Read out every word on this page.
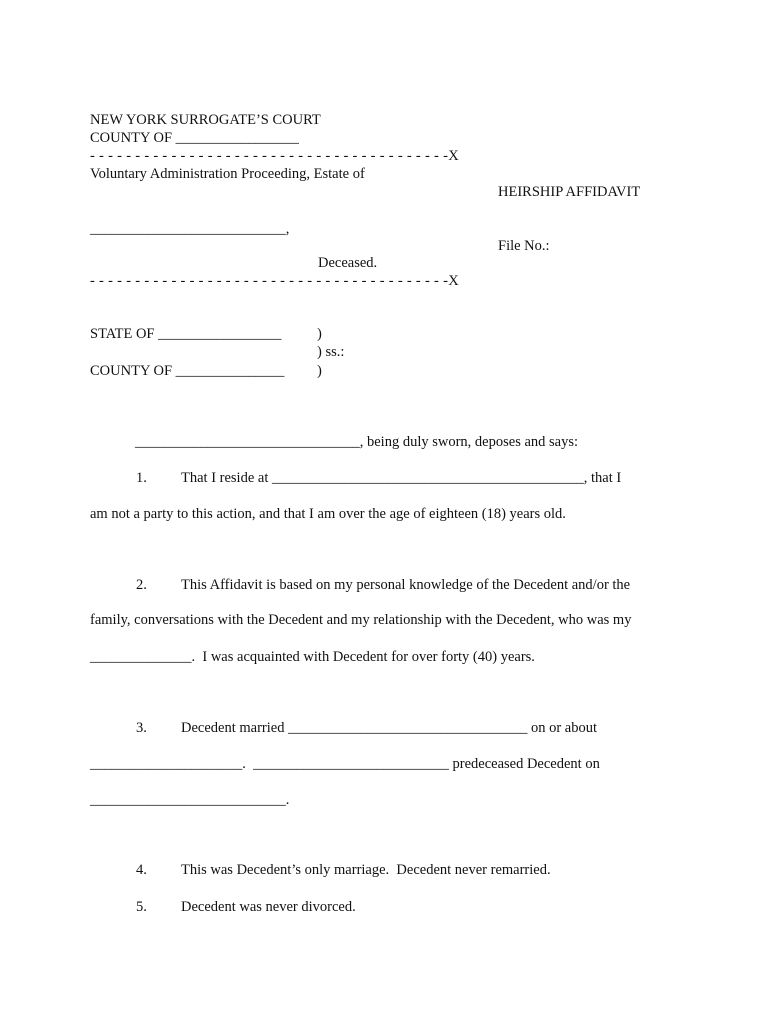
NEW YORK SURROGATE’S COURT
COUNTY OF _________________
- - - - - - - - - - - - - - - - - - - - - - - - - - - - - - - - - - - - - - - -X
Voluntary Administration Proceeding, Estate of
HEIRSHIP AFFIDAVIT
___________________________,
File No.:
Deceased.
- - - - - - - - - - - - - - - - - - - - - - - - - - - - - - - - - - - - - - - -X
STATE OF _________________
COUNTY OF _______________
)
) ss.:
)
_______________________________, being duly sworn, deposes and says:
1. That I reside at ___________________________________________, that I
am not a party to this action, and that I am over the age of eighteen (18) years old.
2. This Affidavit is based on my personal knowledge of the Decedent and/or the
family, conversations with the Decedent and my relationship with the Decedent, who was my
______________.  I was acquainted with Decedent for over forty (40) years.
3. Decedent married _________________________________ on or about
_____________________.  ___________________________ predeceased Decedent on
___________________________.
4. This was Decedent’s only marriage.  Decedent never remarried.
5. Decedent was never divorced.
